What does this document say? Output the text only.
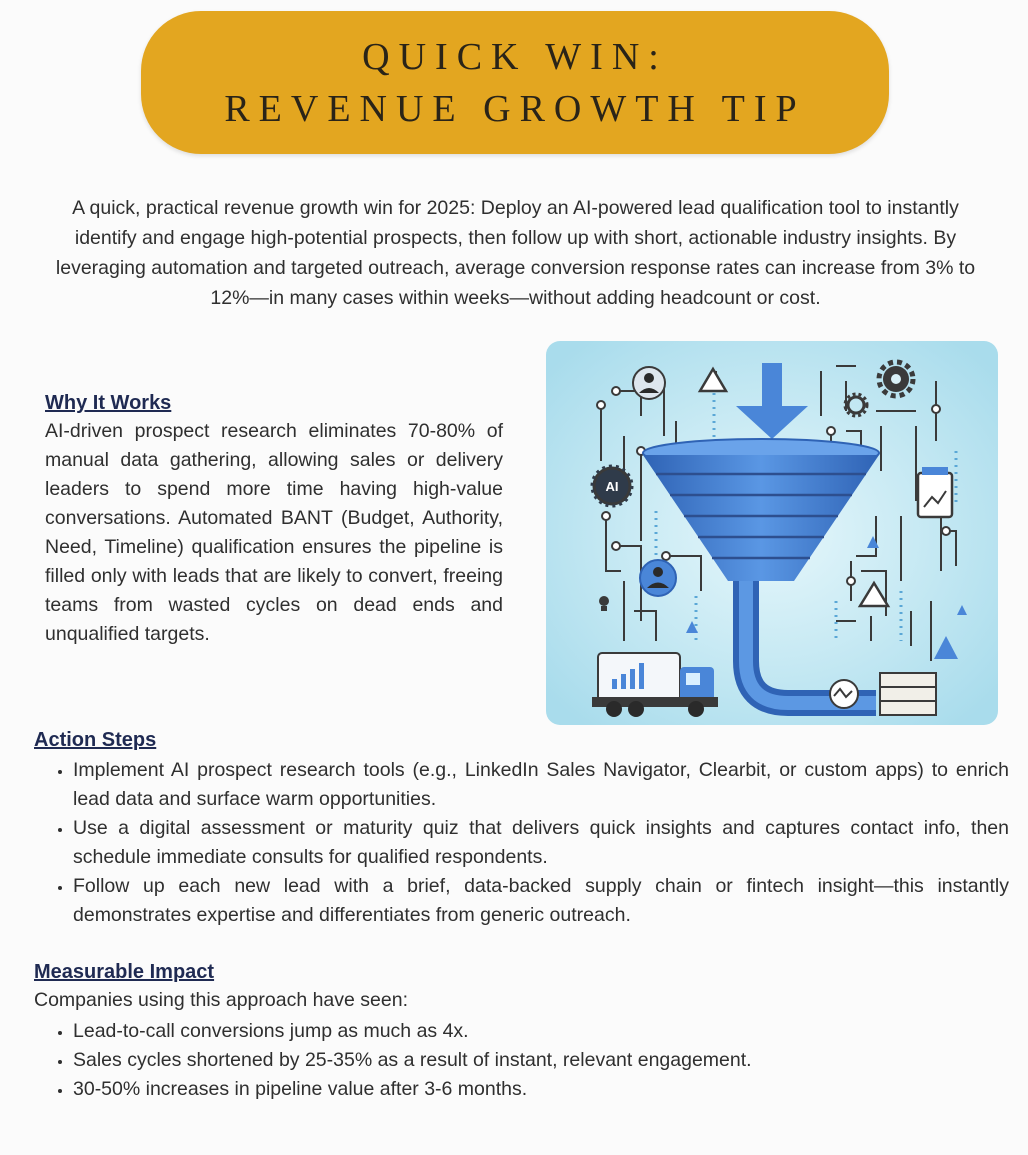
QUICK WIN:
REVENUE GROWTH TIP
A quick, practical revenue growth win for 2025: Deploy an AI-powered lead qualification tool to instantly identify and engage high-potential prospects, then follow up with short, actionable industry insights. By leveraging automation and targeted outreach, average conversion response rates can increase from 3% to 12%—in many cases within weeks—without adding headcount or cost.
Why It Works
AI-driven prospect research eliminates 70-80% of manual data gathering, allowing sales or delivery leaders to spend more time having high-value conversations. Automated BANT (Budget, Authority, Need, Timeline) qualification ensures the pipeline is filled only with leads that are likely to convert, freeing teams from wasted cycles on dead ends and unqualified targets.
AI
Action Steps
• Implement AI prospect research tools (e.g., LinkedIn Sales Navigator, Clearbit, or custom apps) to enrich lead data and surface warm opportunities.
• Use a digital assessment or maturity quiz that delivers quick insights and captures contact info, then schedule immediate consults for qualified respondents.
• Follow up each new lead with a brief, data-backed supply chain or fintech insight—this instantly demonstrates expertise and differentiates from generic outreach.
Measurable Impact
Companies using this approach have seen:
• Lead-to-call conversions jump as much as 4x.
• Sales cycles shortened by 25-35% as a result of instant, relevant engagement.
• 30-50% increases in pipeline value after 3-6 months.
